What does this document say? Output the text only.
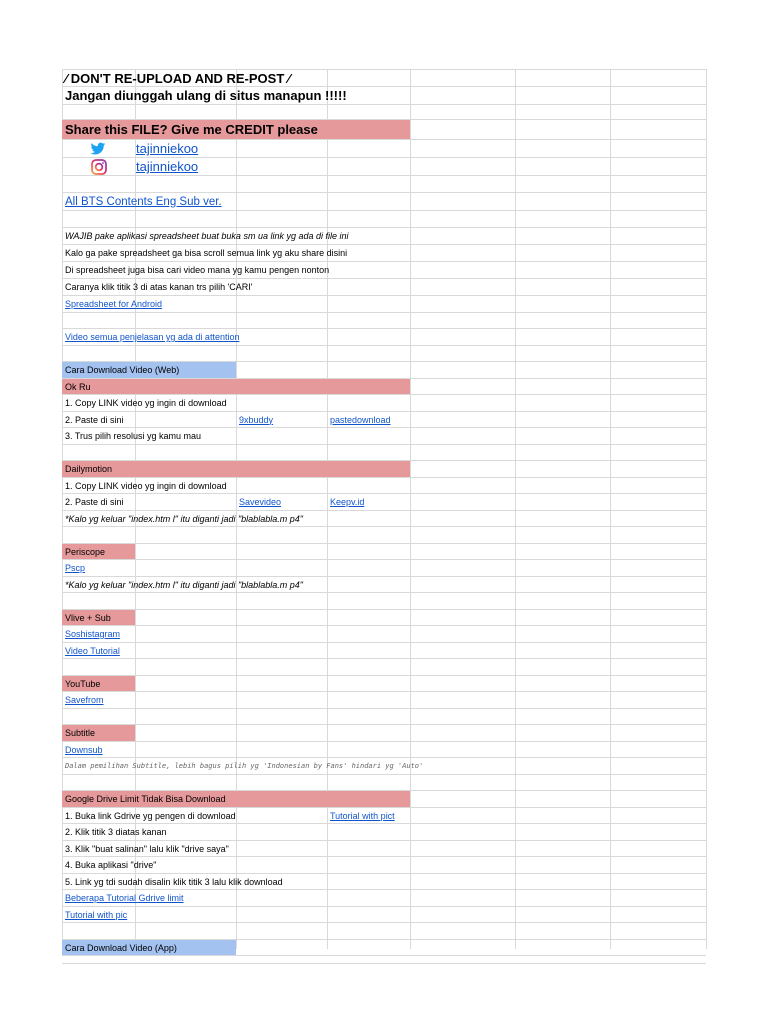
⁄ DON'T RE-UPLOAD AND RE-POST ⁄
Jangan diunggah ulang di situs manapun !!!!!
Share this FILE? Give me CREDIT please
tajinniekoo
tajinniekoo
All BTS Contents Eng Sub ver.
WAJIB pake aplikasi spreadsheet buat buka sm ua link yg ada di file ini
Kalo ga pake spreadsheet ga bisa scroll semua link yg aku share disini
Di spreadsheet juga bisa cari video mana yg kamu pengen nonton
Caranya klik titik 3 di atas kanan trs pilih 'CARI'
Spreadsheet for Android
Video semua penjelasan yg ada di attention
Cara Download Video (Web)
Ok Ru
1. Copy LINK video yg ingin di download
2. Paste di sini	9xbuddy	pastedownload
3. Trus pilih resolusi yg kamu mau
Dailymotion
1. Copy LINK video yg ingin di download
2. Paste di sini	Savevideo	Keepv.id
*Kalo yg keluar "index.htm l" itu diganti jadi "blablabla.m p4"
Periscope
Pscp
*Kalo yg keluar "index.htm l" itu diganti jadi "blablabla.m p4"
Vlive + Sub
Soshistagram
Video Tutorial
YouTube
Savefrom
Subtitle
Downsub
Dalam pemilihan Subtitle, lebih bagus pilih yg 'Indonesian by Fans' hindari yg 'Auto'
Google Drive Limit Tidak Bisa Download
1. Buka link Gdrive yg pengen di download	Tutorial with pict
2. Klik titik 3 diatas kanan
3. Klik "buat salinan" lalu klik "drive saya"
4. Buka aplikasi "drive"
5. Link yg tdi sudah disalin klik titik 3 lalu klik download
Beberapa Tutorial Gdrive limit
Tutorial with pic
Cara Download Video (App)
